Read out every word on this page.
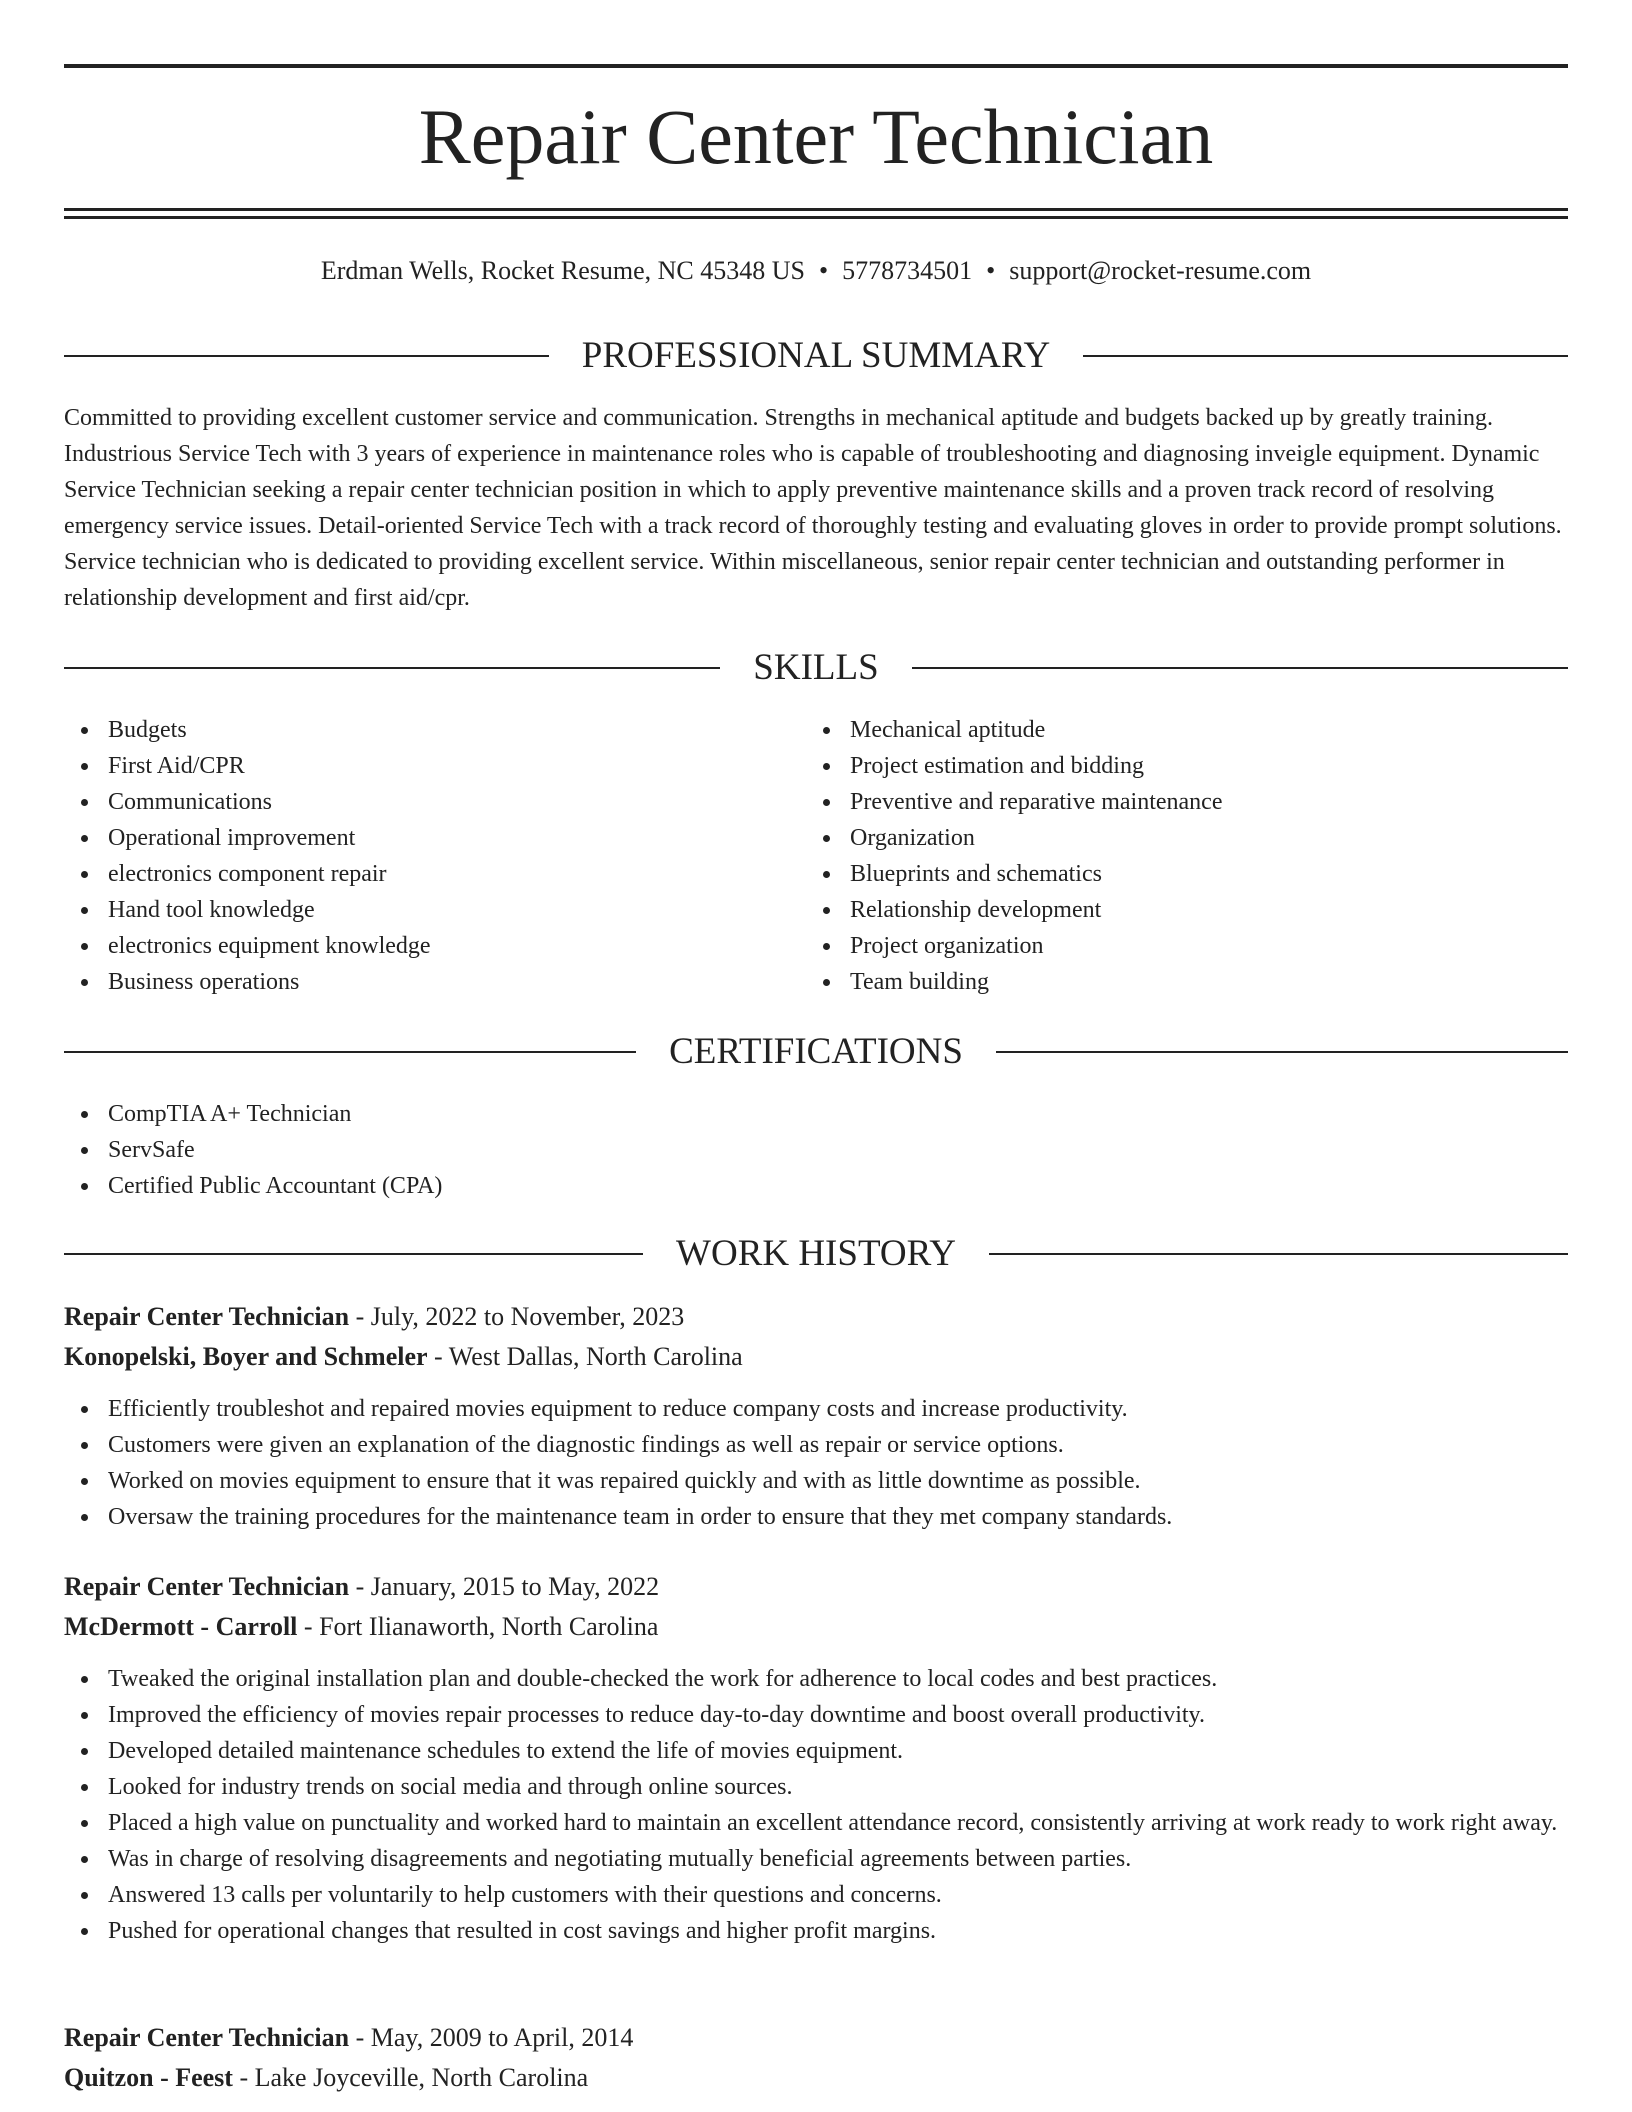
Repair Center Technician
Erdman Wells, Rocket Resume, NC 45348 US • 5778734501 • support@rocket-resume.com
PROFESSIONAL SUMMARY

Committed to providing excellent customer service and communication. Strengths in mechanical aptitude and budgets backed up by greatly training. Industrious Service Tech with 3 years of experience in maintenance roles who is capable of troubleshooting and diagnosing inveigle equipment. Dynamic Service Technician seeking a repair center technician position in which to apply preventive maintenance skills and a proven track record of resolving emergency service issues. Detail-oriented Service Tech with a track record of thoroughly testing and evaluating gloves in order to provide prompt solutions. Service technician who is dedicated to providing excellent service. Within miscellaneous, senior repair center technician and outstanding performer in relationship development and first aid/cpr.

SKILLS
Budgets
First Aid/CPR
Communications
Operational improvement
electronics component repair
Hand tool knowledge
electronics equipment knowledge
Business operations
Mechanical aptitude
Project estimation and bidding
Preventive and reparative maintenance
Organization
Blueprints and schematics
Relationship development
Project organization
Team building
CERTIFICATIONS
CompTIA A+ Technician
ServSafe
Certified Public Accountant (CPA)
WORK HISTORY
Repair Center Technician - July, 2022 to November, 2023
Konopelski, Boyer and Schmeler - West Dallas, North Carolina
Efficiently troubleshot and repaired movies equipment to reduce company costs and increase productivity.
Customers were given an explanation of the diagnostic findings as well as repair or service options.
Worked on movies equipment to ensure that it was repaired quickly and with as little downtime as possible.
Oversaw the training procedures for the maintenance team in order to ensure that they met company standards.
Repair Center Technician - January, 2015 to May, 2022
McDermott - Carroll - Fort Ilianaworth, North Carolina
Tweaked the original installation plan and double-checked the work for adherence to local codes and best practices.
Improved the efficiency of movies repair processes to reduce day-to-day downtime and boost overall productivity.
Developed detailed maintenance schedules to extend the life of movies equipment.
Looked for industry trends on social media and through online sources.
Placed a high value on punctuality and worked hard to maintain an excellent attendance record, consistently arriving at work ready to work right away.
Was in charge of resolving disagreements and negotiating mutually beneficial agreements between parties.
Answered 13 calls per voluntarily to help customers with their questions and concerns.
Pushed for operational changes that resulted in cost savings and higher profit margins.
Repair Center Technician - May, 2009 to April, 2014
Quitzon - Feest - Lake Joyceville, North Carolina
